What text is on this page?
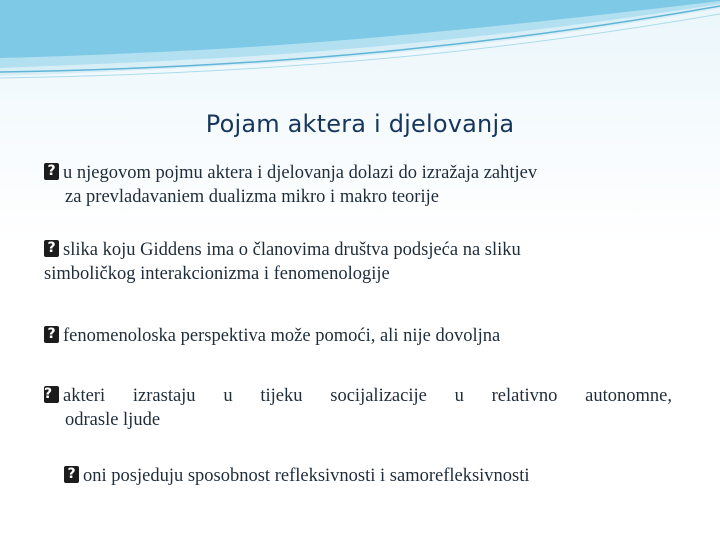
Pojam aktera i djelovanja
?u njegovom pojmu aktera i djelovanja dolazi do izražaja zahtjev
za prevladavaniem dualizma mikro i makro teorije
?slika koju Giddens ima o članovima društva podsjeća na sliku
simboličkog interakcionizma i fenomenologije
?fenomenoloska perspektiva može pomoći, ali nije dovoljna
?akteri izrastaju u tijeku socijalizacije u relativno autonomne,
odrasle ljude
?oni posjeduju sposobnost refleksivnosti i samorefleksivnosti
